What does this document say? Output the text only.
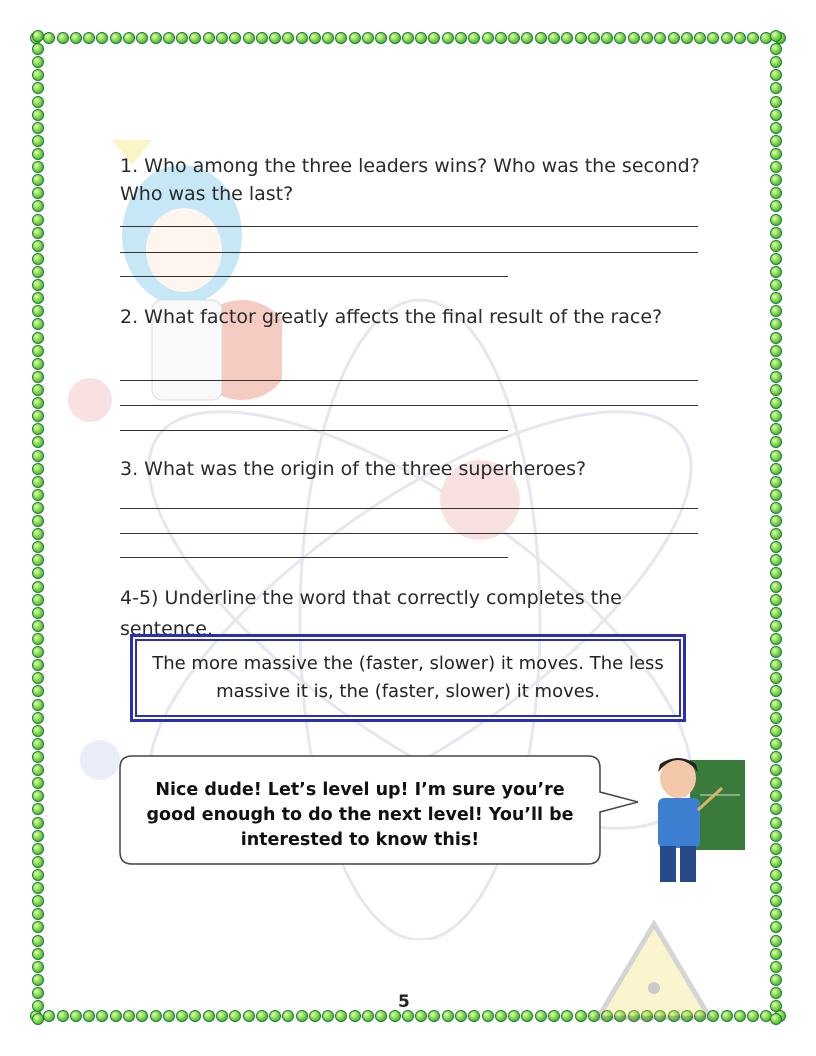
1. Who among the three leaders wins? Who was the second? Who was the last?
2. What factor greatly affects the final result of the race?
3. What was the origin of the three superheroes?
4-5) Underline the word that correctly completes the sentence.
The more massive the (faster, slower) it moves. The less massive it is, the (faster, slower) it moves.
Nice dude! Let’s level up! I’m sure you’re good enough to do the next level! You’ll be interested to know this!
5
